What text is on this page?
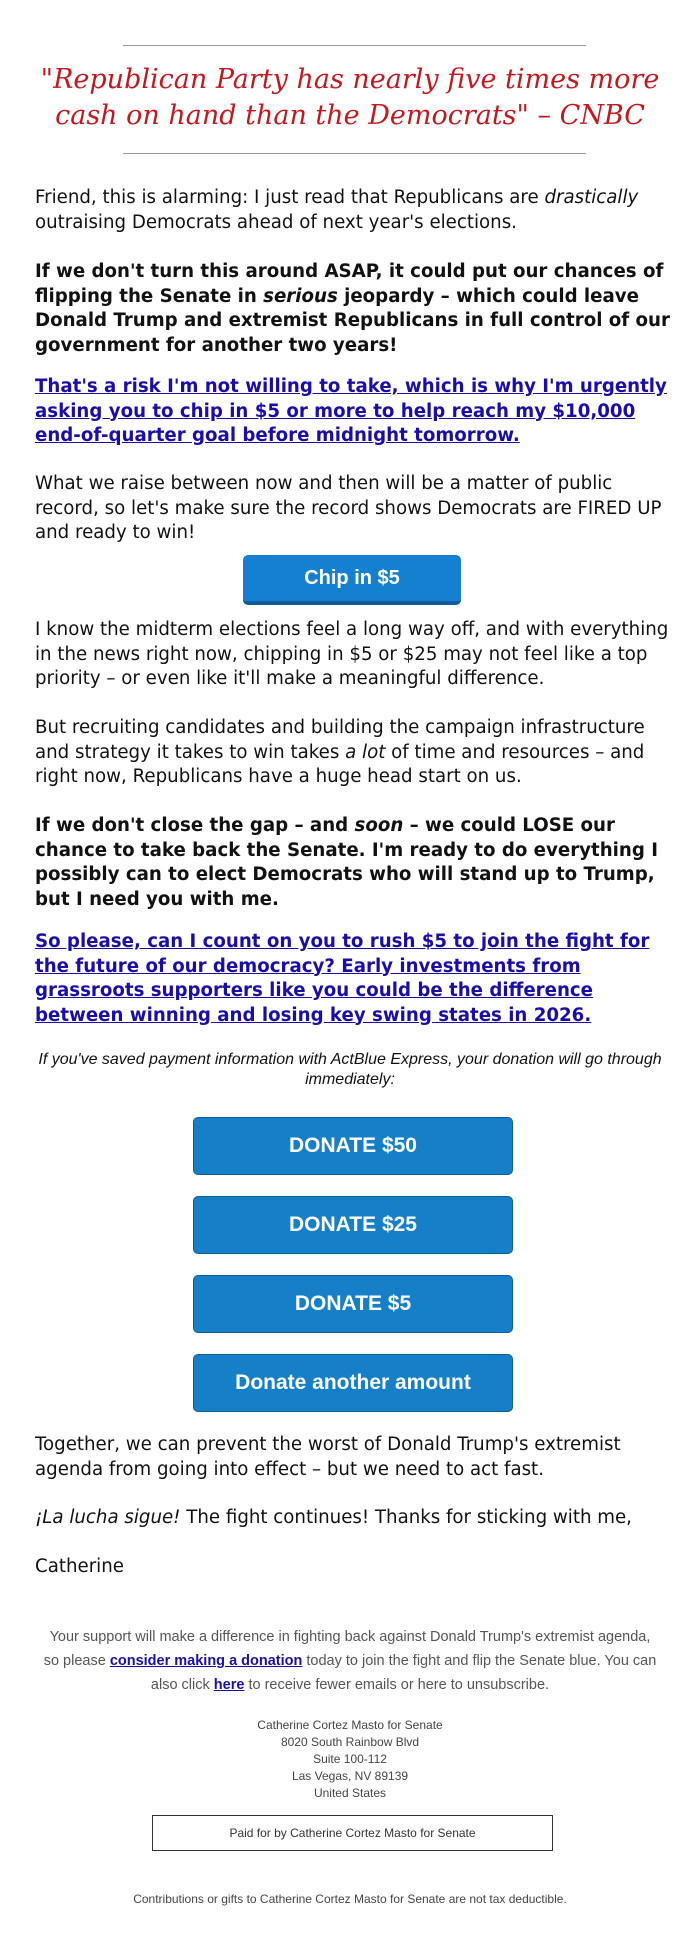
"Republican Party has nearly five times more cash on hand than the Democrats" – CNBC
Friend, this is alarming: I just read that Republicans are drastically outraising Democrats ahead of next year's elections.
If we don't turn this around ASAP, it could put our chances of flipping the Senate in serious jeopardy – which could leave Donald Trump and extremist Republicans in full control of our government for another two years!
That's a risk I'm not willing to take, which is why I'm urgently asking you to chip in $5 or more to help reach my $10,000 end-of-quarter goal before midnight tomorrow.
What we raise between now and then will be a matter of public record, so let's make sure the record shows Democrats are FIRED UP and ready to win!
Chip in $5
I know the midterm elections feel a long way off, and with everything in the news right now, chipping in $5 or $25 may not feel like a top priority – or even like it'll make a meaningful difference.
But recruiting candidates and building the campaign infrastructure and strategy it takes to win takes a lot of time and resources – and right now, Republicans have a huge head start on us.
If we don't close the gap – and soon – we could LOSE our chance to take back the Senate. I'm ready to do everything I possibly can to elect Democrats who will stand up to Trump, but I need you with me.
So please, can I count on you to rush $5 to join the fight for the future of our democracy? Early investments from grassroots supporters like you could be the difference between winning and losing key swing states in 2026.
If you've saved payment information with ActBlue Express, your donation will go through immediately:
DONATE $50
DONATE $25
DONATE $5
Donate another amount
Together, we can prevent the worst of Donald Trump's extremist agenda from going into effect – but we need to act fast.
¡La lucha sigue! The fight continues! Thanks for sticking with me,
Catherine
Your support will make a difference in fighting back against Donald Trump's extremist agenda, so please consider making a donation today to join the fight and flip the Senate blue. You can also click here to receive fewer emails or here to unsubscribe.
Catherine Cortez Masto for Senate
8020 South Rainbow Blvd
Suite 100-112
Las Vegas, NV 89139
United States
Paid for by Catherine Cortez Masto for Senate
Contributions or gifts to Catherine Cortez Masto for Senate are not tax deductible.
